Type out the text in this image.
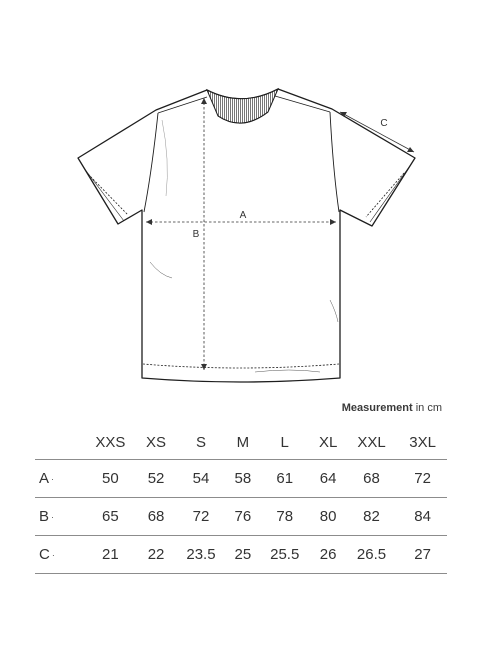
A
B
C
Measurement in cm
	XXS	XS	S	M	L	XL	XXL	3XL
A ·	50	52	54	58	61	64	68	72
B ·	65	68	72	76	78	80	82	84
C ·	21	22	23.5	25	25.5	26	26.5	27
